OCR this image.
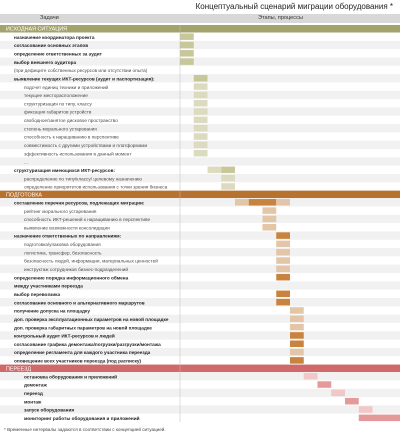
Концептуальный сценарий миграции оборудования *
Задачи	Этапы, процессы
ИСХОДНАЯ СИТУАЦИЯ
назначение координатора проекта
согласование основных этапов
определение ответственных за аудит
выбор внешнего аудитора
(при дефиците собственных ресурсов или отсутствии опыта)
выявление текущих ИКТ-ресурсов (аудит и паспортизация):
подсчет единиц техники и приложений
текущее месторасположение
структуризация по типу, классу
фиксация габаритов устройств
свободное/занятое дисковое пространство
степень морального устаревания
способность к наращиванию в перспективе
совместимость с другими устройствами и платформами
эффективность использования в данный момент
...
структуризация имеющихся ИКТ-ресурсов:
распределение по типу/классу/ целевому назначению
определение приоритетов использования с точки зрения бизнеса
ПОДГОТОВКА
составление перечня ресурсов, подлежащих миграции:
рейтинг морального устаревания
способность ИКТ-решений к наращиванию в перспективе
выявление возможности консолидации
назначение ответственных по направлениям:
подготовка/упаковка оборудования
логистика, трансфер, безопасность
безопасность людей, информации, материальных ценностей
инструктаж сотрудников бизнес-подразделений
определение порядка информационного обмена
между участниками переезда
выбор перевозчика
согласование основного и альтернативного маршрутов
получение допуска на площадку
доп. проверка эксплуатационных параметров на новой площадке
доп. проверка габаритных параметров на новой площадке
контрольный аудит ИКТ-ресурсов и людей
согласование графика демонтажа/погрузки/разгрузки/монтажа
определение регламента для каждого участника переезда
оповещение всех участников переезда (под расписку)
ПЕРЕЕЗД
остановка оборудования и приложений
демонтаж
переезд
монтаж
запуск оборудования
мониторинг работы оборудования и приложений
* Временные интервалы задаются в соответствии с концепцией ситуацией.
